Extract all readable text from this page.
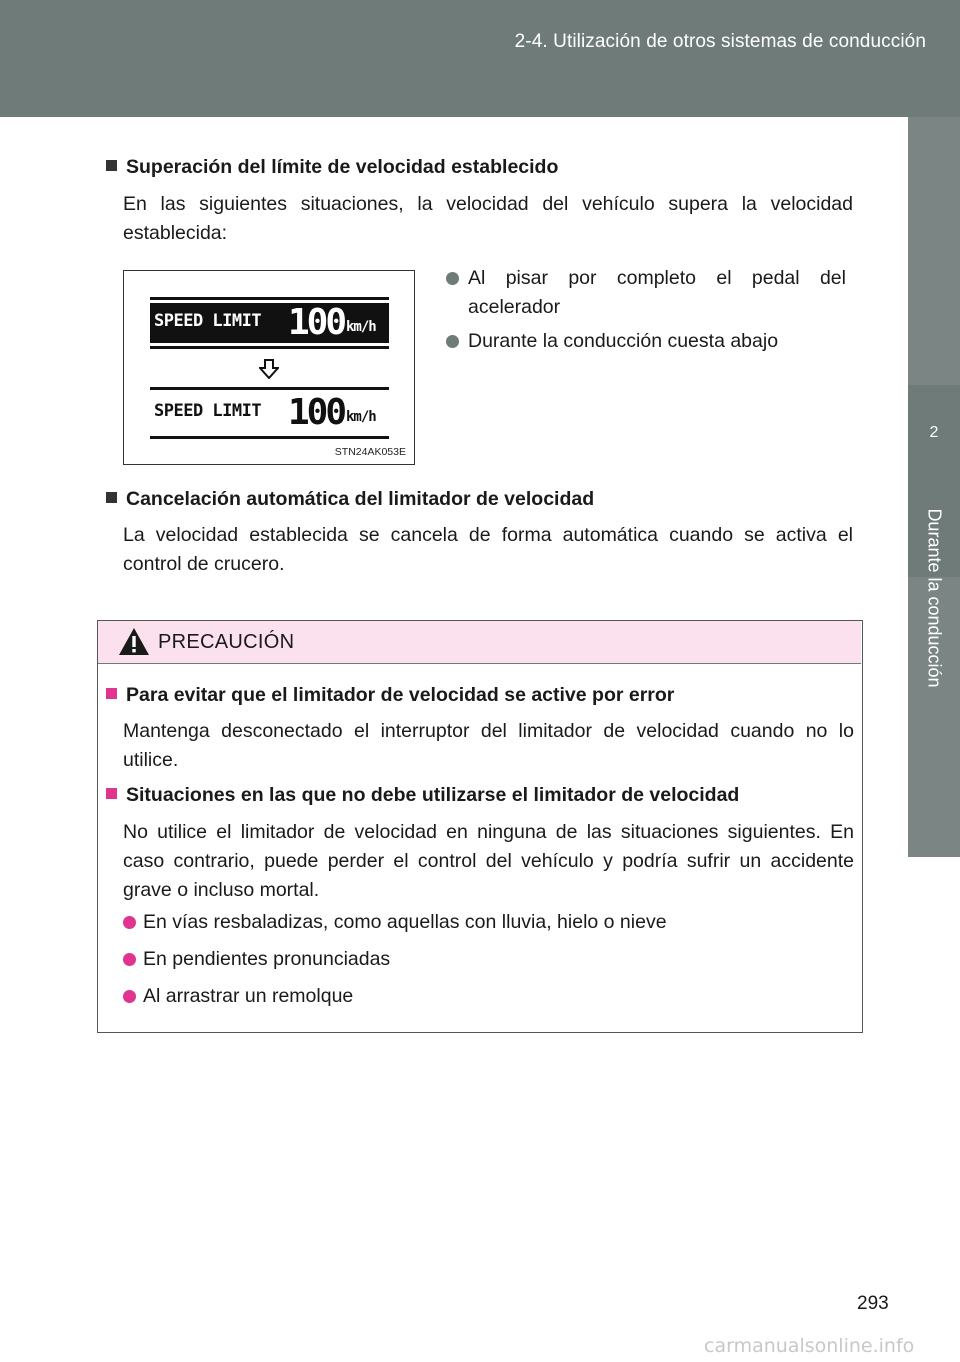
2-4. Utilización de otros sistemas de conducción
2
Durante la conducción
Superación del límite de velocidad establecido
En las siguientes situaciones, la velocidad del vehículo supera la velocidad establecida:
Al pisar por completo el pedal del acelerador
Durante la conducción cuesta abajo
SPEED LIMIT 100 km/h
SPEED LIMIT 100 km/h
STN24AK053E
Cancelación automática del limitador de velocidad
La velocidad establecida se cancela de forma automática cuando se activa el control de crucero.
PRECAUCIÓN
Para evitar que el limitador de velocidad se active por error
Mantenga desconectado el interruptor del limitador de velocidad cuando no lo utilice.
Situaciones en las que no debe utilizarse el limitador de velocidad
No utilice el limitador de velocidad en ninguna de las situaciones siguientes. En caso contrario, puede perder el control del vehículo y podría sufrir un accidente grave o incluso mortal.
En vías resbaladizas, como aquellas con lluvia, hielo o nieve
En pendientes pronunciadas
Al arrastrar un remolque
293
carmanualsonline.info
